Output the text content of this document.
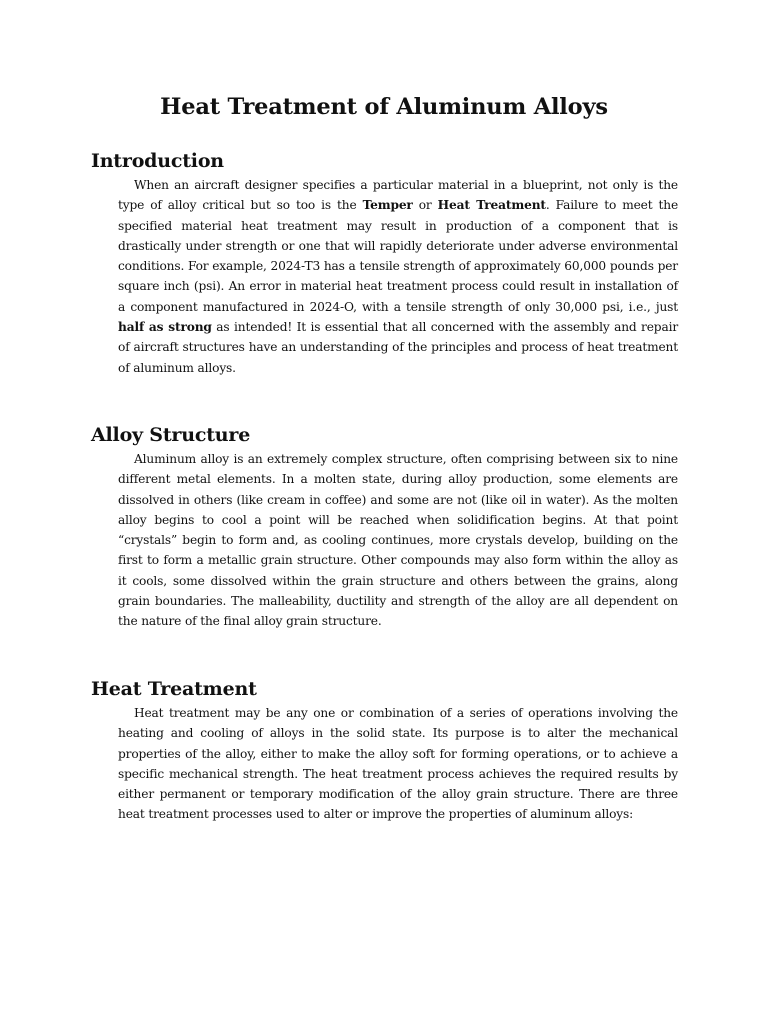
Heat Treatment of Aluminum Alloys
Introduction

When an aircraft designer specifies a particular material in a blueprint, not only is the type of alloy critical but so too is the Temper or Heat Treatment. Failure to meet the specified material heat treatment may result in production of a component that is drastically under strength or one that will rapidly deteriorate under adverse environmental conditions. For example, 2024-T3 has a tensile strength of approximately 60,000 pounds per square inch (psi). An error in material heat treatment process could result in installation of a component manufactured in 2024-O, with a tensile strength of only 30,000 psi, i.e., just half as strong as intended! It is essential that all concerned with the assembly and repair of aircraft structures have an understanding of the principles and process of heat treatment of aluminum alloys.

Alloy Structure

Aluminum alloy is an extremely complex structure, often comprising between six to nine different metal elements. In a molten state, during alloy production, some elements are dissolved in others (like cream in coffee) and some are not (like oil in water). As the molten alloy begins to cool a point will be reached when solidification begins. At that point “crystals” begin to form and, as cooling continues, more crystals develop, building on the first to form a metallic grain structure. Other compounds may also form within the alloy as it cools, some dissolved within the grain structure and others between the grains, along grain boundaries. The malleability, ductility and strength of the alloy are all dependent on the nature of the final alloy grain structure.

Heat Treatment

Heat treatment may be any one or combination of a series of operations involving the heating and cooling of alloys in the solid state. Its purpose is to alter the mechanical properties of the alloy, either to make the alloy soft for forming operations, or to achieve a specific mechanical strength. The heat treatment process achieves the required results by either permanent or temporary modification of the alloy grain structure. There are three heat treatment processes used to alter or improve the properties of aluminum alloys:
